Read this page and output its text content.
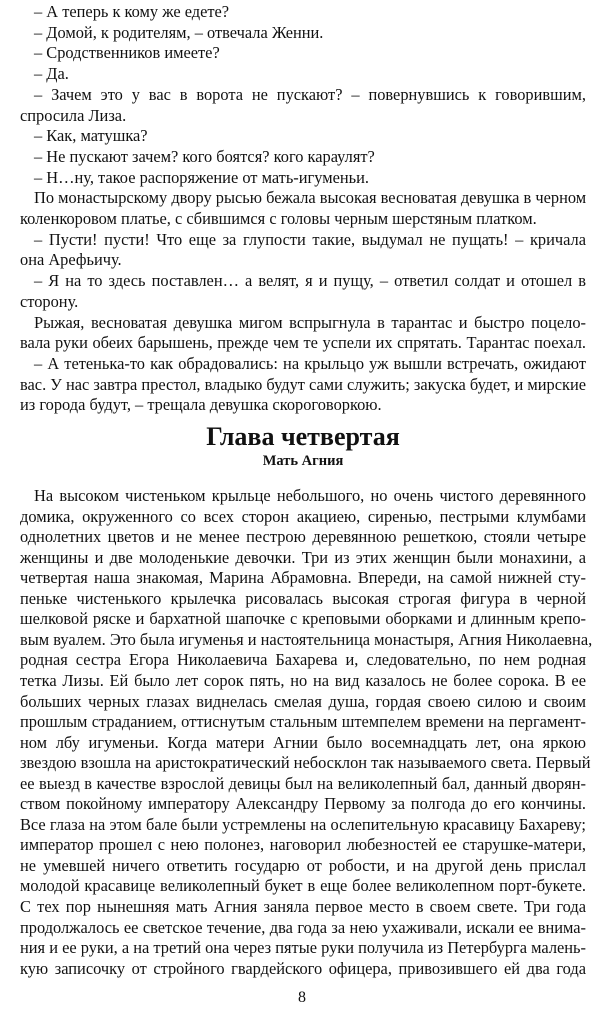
– А теперь к кому же едете?
– Домой, к родителям, – отвечала Женни.
– Сродственников имеете?
– Да.
– Зачем это у вас в ворота не пускают? – повернувшись к говорившим,
спросила Лиза.
– Как, матушка?
– Не пускают зачем? кого боятся? кого караулят?
– Н…ну, такое распоряжение от мать-игуменьи.
По монастырскому двору рысью бежала высокая весноватая девушка в черном
коленкоровом платье, с сбившимся с головы черным шерстяным платком.
– Пусти! пусти! Что еще за глупости такие, выдумал не пущать! – кричала
она Арефьичу.
– Я на то здесь поставлен… а велят, я и пущу, – ответил солдат и отошел в
сторону.
Рыжая, весноватая девушка мигом вспрыгнула в тарантас и быстро поцело-
вала руки обеих барышень, прежде чем те успели их спрятать. Тарантас поехал.
– А тетенька-то как обрадовались: на крыльцо уж вышли встречать, ожидают
вас. У нас завтра престол, владыко будут сами служить; закуска будет, и мирские
из города будут, – трещала девушка скороговоркою.
Глава четвертая
Мать Агния
На высоком чистеньком крыльце небольшого, но очень чистого деревянного
домика, окруженного со всех сторон акациею, сиренью, пестрыми клумбами
однолетних цветов и не менее пестрою деревянною решеткою, стояли четыре
женщины и две молоденькие девочки. Три из этих женщин были монахини, а
четвертая наша знакомая, Марина Абрамовна. Впереди, на самой нижней сту-
пеньке чистенького крылечка рисовалась высокая строгая фигура в черной
шелковой ряске и бархатной шапочке с креповыми оборками и длинным крепо-
вым вуалем. Это была игуменья и настоятельница монастыря, Агния Николаевна,
родная сестра Егора Николаевича Бахарева и, следовательно, по нем родная
тетка Лизы. Ей было лет сорок пять, но на вид казалось не более сорока. В ее
больших черных глазах виднелась смелая душа, гордая своею силою и своим
прошлым страданием, оттиснутым стальным штемпелем времени на пергамент-
ном лбу игуменьи. Когда матери Агнии было восемнадцать лет, она яркою
звездою взошла на аристократический небосклон так называемого света. Первый
ее выезд в качестве взрослой девицы был на великолепный бал, данный дворян-
ством покойному императору Александру Первому за полгода до его кончины.
Все глаза на этом бале были устремлены на ослепительную красавицу Бахареву;
император прошел с нею полонез, наговорил любезностей ее старушке-матери,
не умевшей ничего ответить государю от робости, и на другой день прислал
молодой красавице великолепный букет в еще более великолепном порт-букете.
С тех пор нынешняя мать Агния заняла первое место в своем свете. Три года
продолжалось ее светское течение, два года за нею ухаживали, искали ее внима-
ния и ее руки, а на третий она через пятые руки получила из Петербурга малень-
кую записочку от стройного гвардейского офицера, привозившего ей два года
8
